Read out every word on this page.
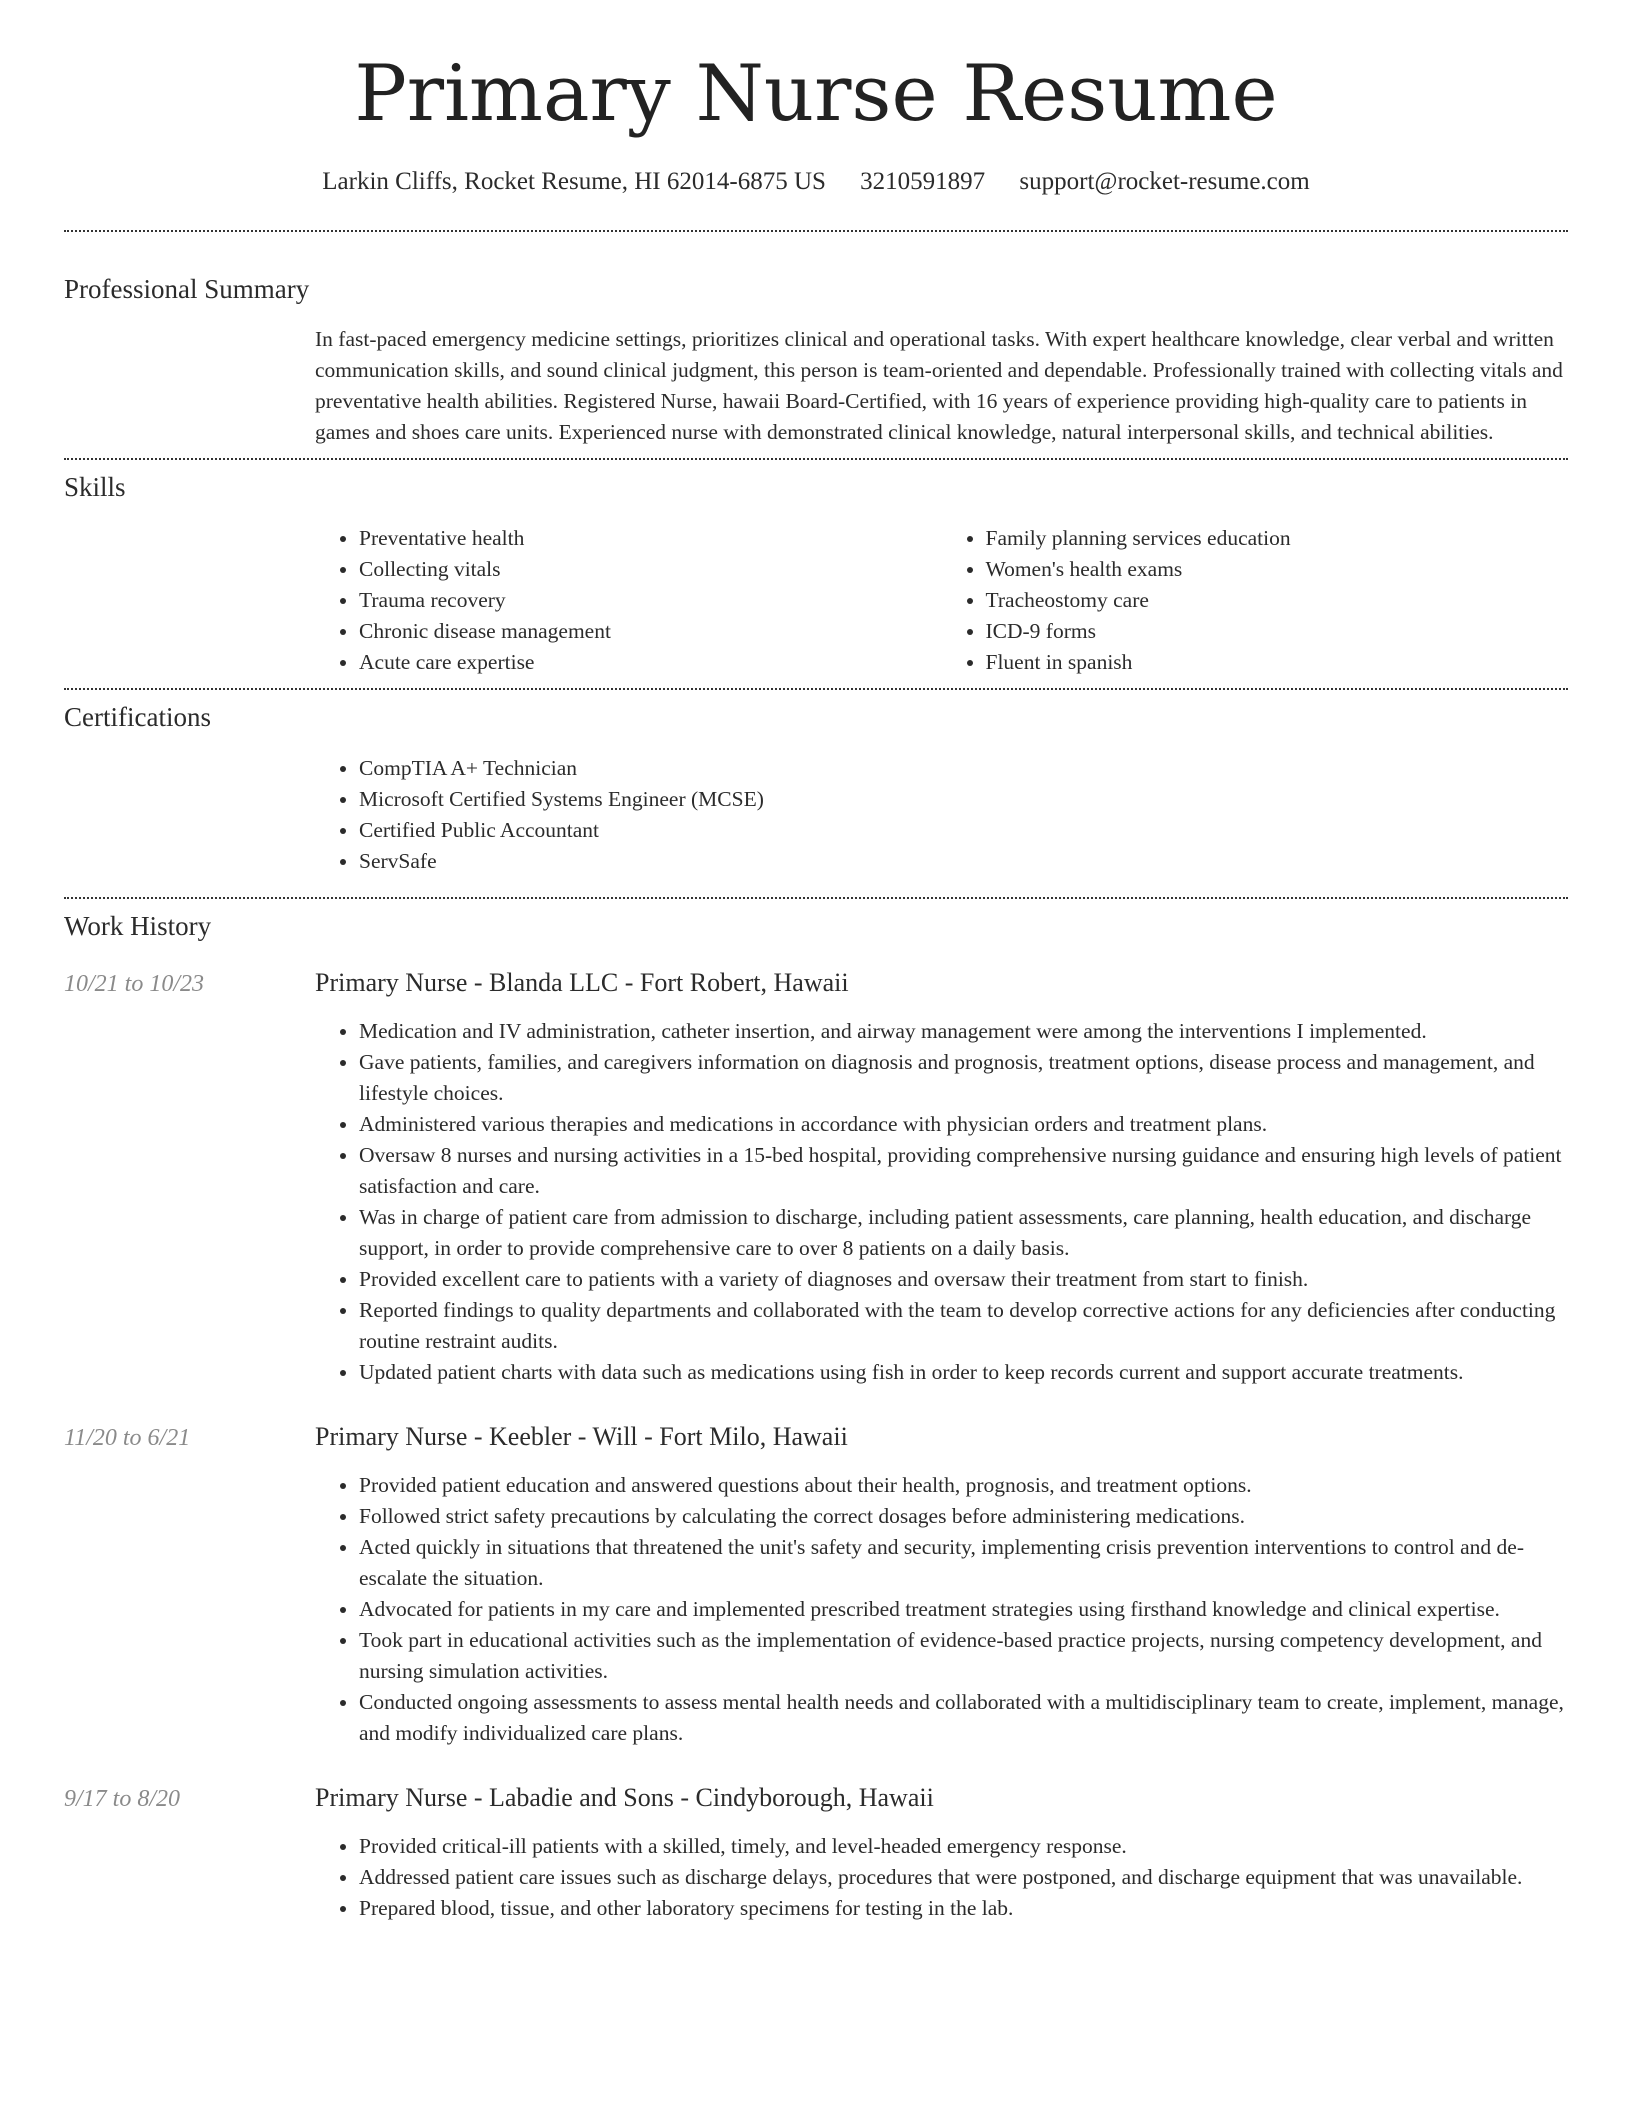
Primary Nurse Resume
Larkin Cliffs, Rocket Resume, HI 62014-6875 US 3210591897 support@rocket-resume.com
Professional Summary
In fast-paced emergency medicine settings, prioritizes clinical and operational tasks. With expert healthcare knowledge, clear verbal and written communication skills, and sound clinical judgment, this person is team-oriented and dependable. Professionally trained with collecting vitals and preventative health abilities. Registered Nurse, hawaii Board-Certified, with 16 years of experience providing high-quality care to patients in games and shoes care units. Experienced nurse with demonstrated clinical knowledge, natural interpersonal skills, and technical abilities.
Skills
• Preventative health
• Collecting vitals
• Trauma recovery
• Chronic disease management
• Acute care expertise
• Family planning services education
• Women's health exams
• Tracheostomy care
• ICD-9 forms
• Fluent in spanish
Certifications
• CompTIA A+ Technician
• Microsoft Certified Systems Engineer (MCSE)
• Certified Public Accountant
• ServSafe
Work History
10/21 to 10/23	Primary Nurse - Blanda LLC - Fort Robert, Hawaii
• Medication and IV administration, catheter insertion, and airway management were among the interventions I implemented.
• Gave patients, families, and caregivers information on diagnosis and prognosis, treatment options, disease process and management, and lifestyle choices.
• Administered various therapies and medications in accordance with physician orders and treatment plans.
• Oversaw 8 nurses and nursing activities in a 15-bed hospital, providing comprehensive nursing guidance and ensuring high levels of patient satisfaction and care.
• Was in charge of patient care from admission to discharge, including patient assessments, care planning, health education, and discharge support, in order to provide comprehensive care to over 8 patients on a daily basis.
• Provided excellent care to patients with a variety of diagnoses and oversaw their treatment from start to finish.
• Reported findings to quality departments and collaborated with the team to develop corrective actions for any deficiencies after conducting routine restraint audits.
• Updated patient charts with data such as medications using fish in order to keep records current and support accurate treatments.
11/20 to 6/21	Primary Nurse - Keebler - Will - Fort Milo, Hawaii
• Provided patient education and answered questions about their health, prognosis, and treatment options.
• Followed strict safety precautions by calculating the correct dosages before administering medications.
• Acted quickly in situations that threatened the unit's safety and security, implementing crisis prevention interventions to control and de-escalate the situation.
• Advocated for patients in my care and implemented prescribed treatment strategies using firsthand knowledge and clinical expertise.
• Took part in educational activities such as the implementation of evidence-based practice projects, nursing competency development, and nursing simulation activities.
• Conducted ongoing assessments to assess mental health needs and collaborated with a multidisciplinary team to create, implement, manage, and modify individualized care plans.
9/17 to 8/20	Primary Nurse - Labadie and Sons - Cindyborough, Hawaii
• Provided critical-ill patients with a skilled, timely, and level-headed emergency response.
• Addressed patient care issues such as discharge delays, procedures that were postponed, and discharge equipment that was unavailable.
• Prepared blood, tissue, and other laboratory specimens for testing in the lab.
